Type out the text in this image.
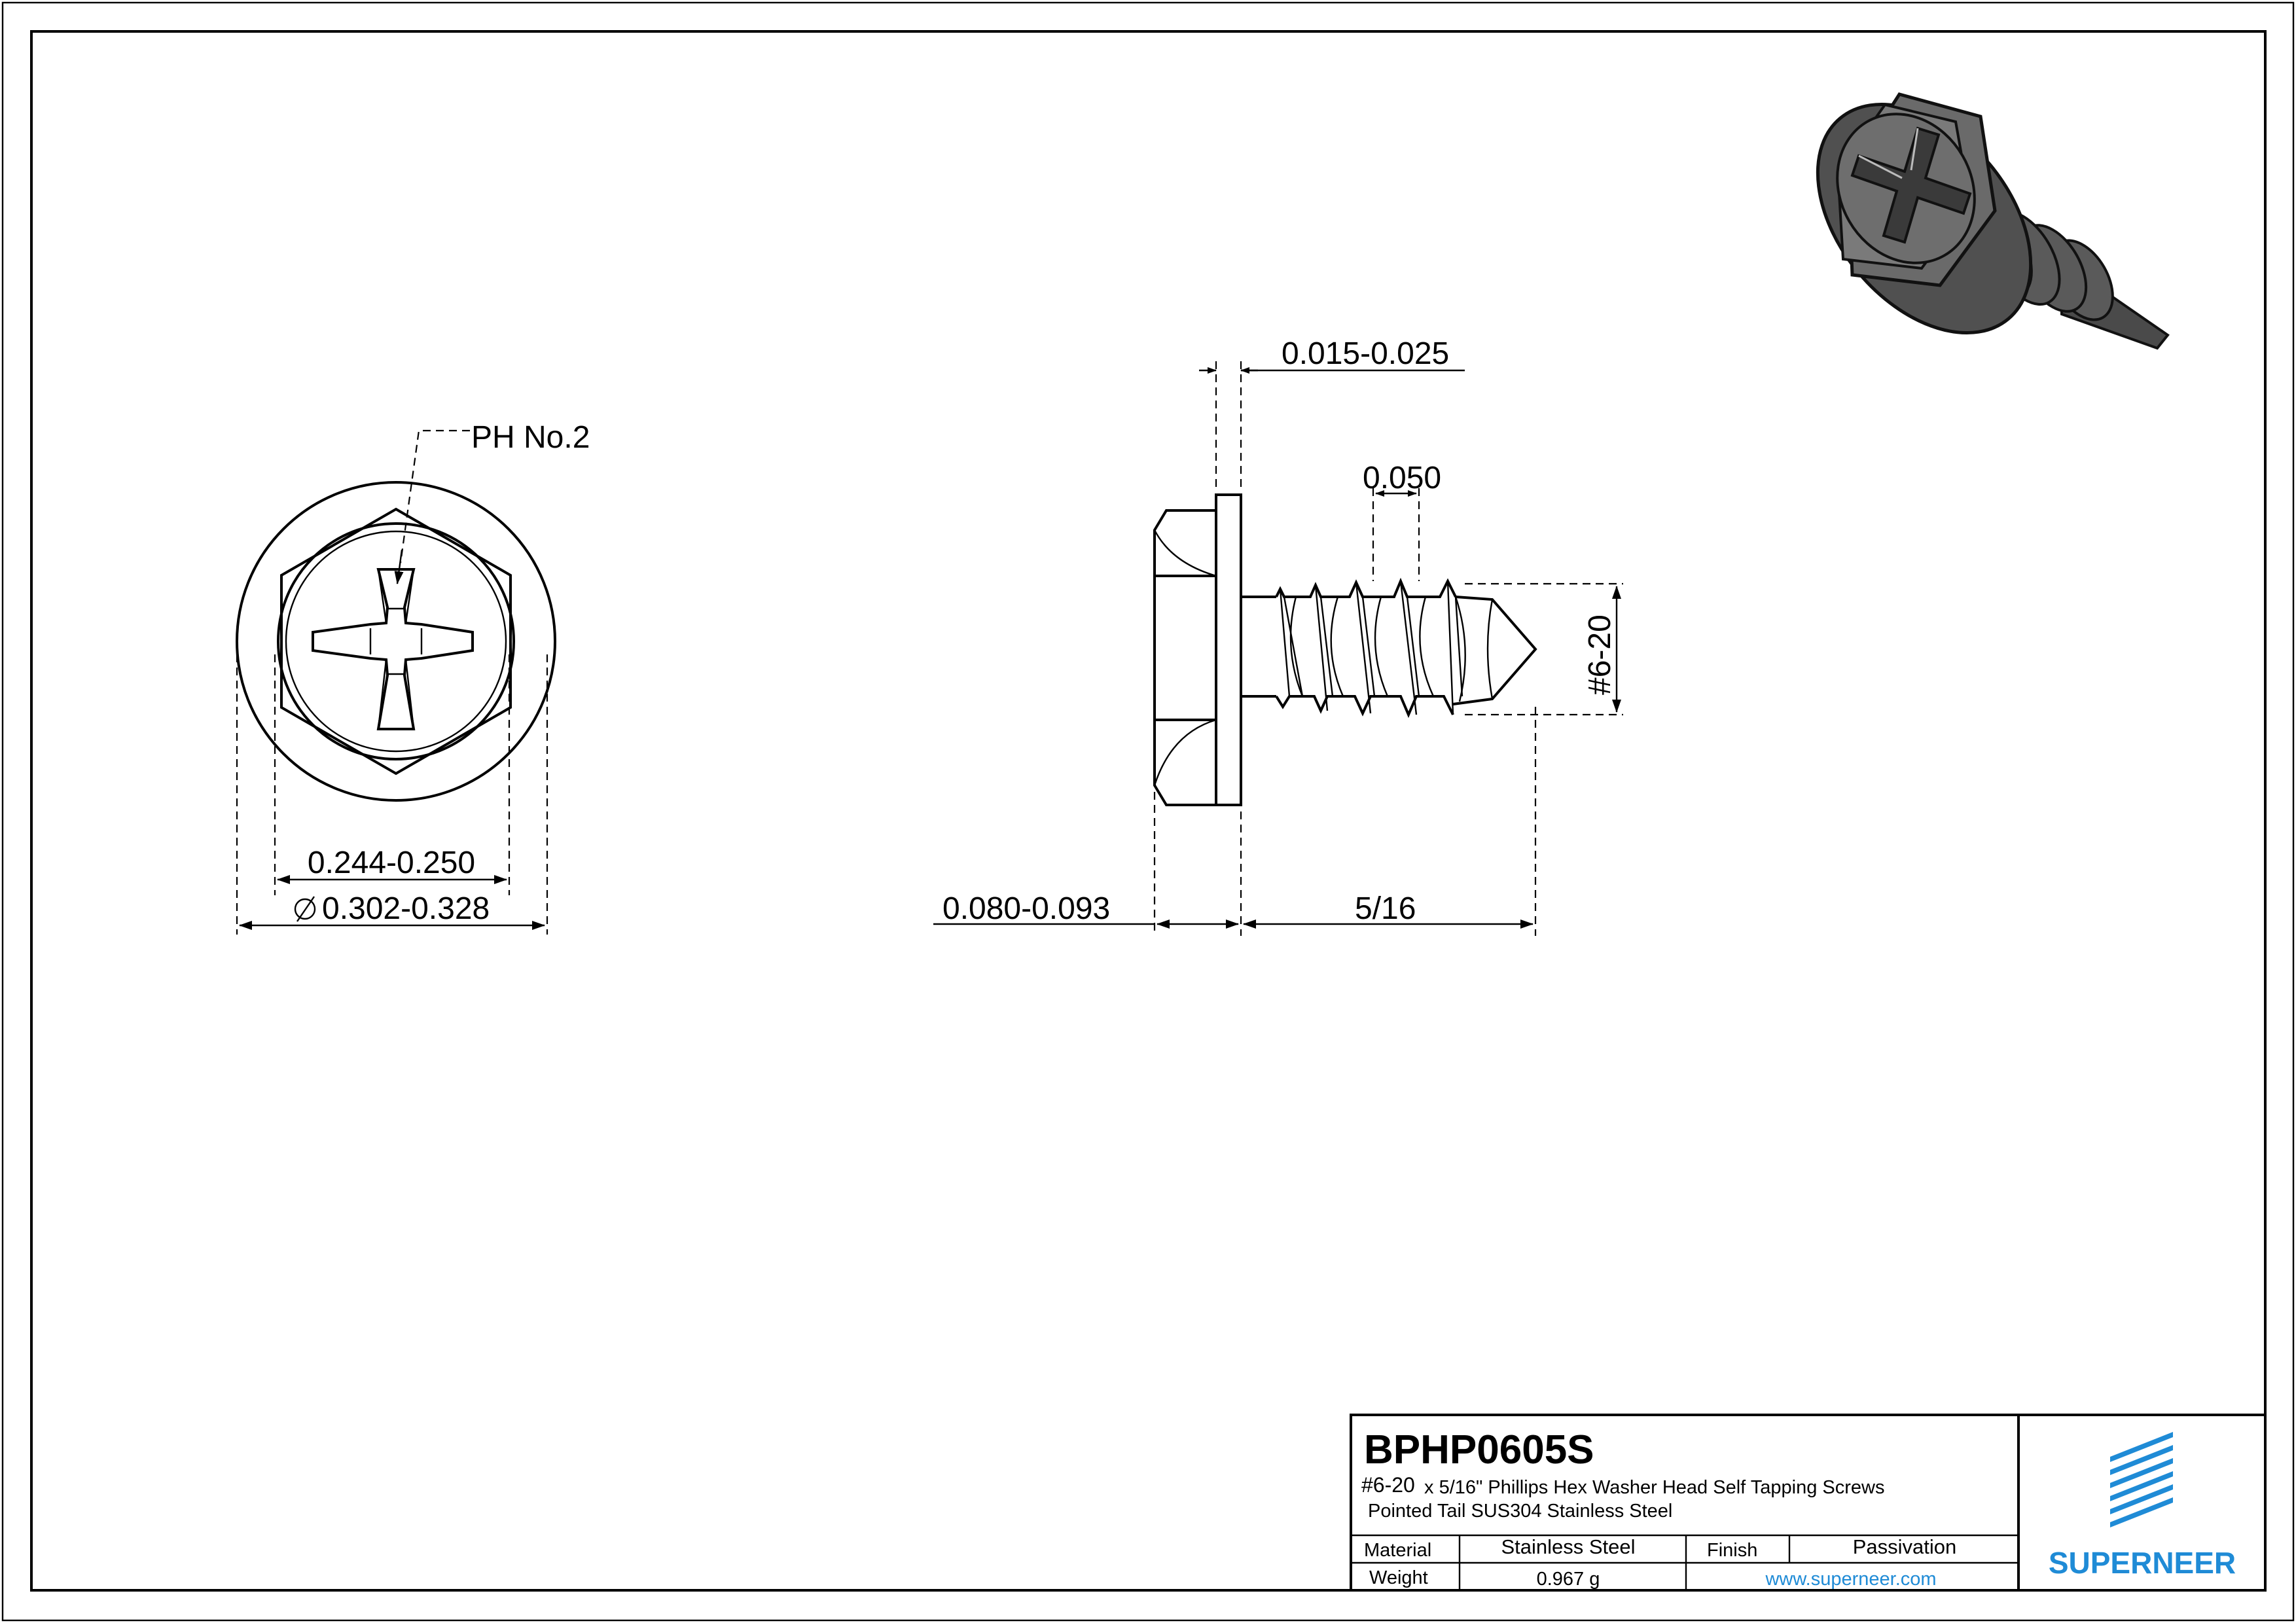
PH No.2
0.244-0.250
0.302-0.328
0.015-0.025
0.050
#6-20
0.080-0.093	5/16
BPHP0605S
#6-20 x 5/16" Phillips Hex Washer Head Self Tapping Screws
Pointed Tail SUS304 Stainless Steel
Material	Stainless Steel	Finish	Passivation
Weight	0.967 g	www.superneer.com	SUPERNEER
